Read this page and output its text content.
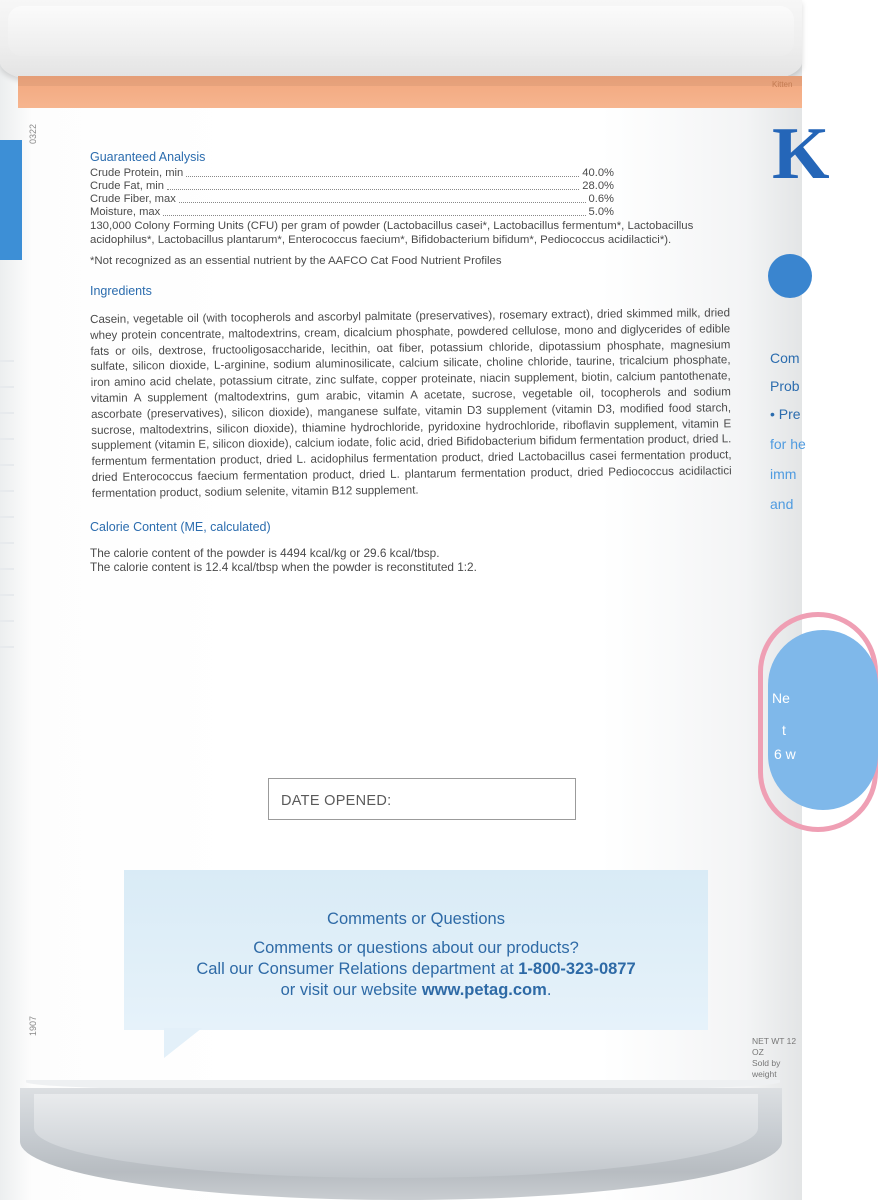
Kitten
0322
1907
Guaranteed Analysis
Crude Protein, min	40.0%
Crude Fat, min	28.0%
Crude Fiber, max	0.6%
Moisture, max	5.0%

130,000 Colony Forming Units (CFU) per gram of powder (Lactobacillus casei*, Lactobacillus fermentum*, Lactobacillus acidophilus*, Lactobacillus plantarum*, Enterococcus faecium*, Bifidobacterium bifidum*, Pediococcus acidilactici*).

*Not recognized as an essential nutrient by the AAFCO Cat Food Nutrient Profiles

Ingredients

Casein, vegetable oil (with tocopherols and ascorbyl palmitate (preservatives), rosemary extract), dried skimmed milk, dried whey protein concentrate, maltodextrins, cream, dicalcium phosphate, powdered cellulose, mono and diglycerides of edible fats or oils, dextrose, fructooligosaccharide, lecithin, oat fiber, potassium chloride, dipotassium phosphate, magnesium sulfate, silicon dioxide, L-arginine, sodium aluminosilicate, calcium silicate, choline chloride, taurine, tricalcium phosphate, iron amino acid chelate, potassium citrate, zinc sulfate, copper proteinate, niacin supplement, biotin, calcium pantothenate, vitamin A supplement (maltodextrins, gum arabic, vitamin A acetate, sucrose, vegetable oil, tocopherols and sodium ascorbate (preservatives), silicon dioxide), manganese sulfate, vitamin D3 supplement (vitamin D3, modified food starch, sucrose, maltodextrins, silicon dioxide), thiamine hydrochloride, pyridoxine hydrochloride, riboflavin supplement, vitamin E supplement (vitamin E, silicon dioxide), calcium iodate, folic acid, dried Bifidobacterium bifidum fermentation product, dried L. fermentum fermentation product, dried L. acidophilus fermentation product, dried Lactobacillus casei fermentation product, dried Enterococcus faecium fermentation product, dried L. plantarum fermentation product, dried Pediococcus acidilactici fermentation product, sodium selenite, vitamin B12 supplement.

Calorie Content (ME, calculated)

The calorie content of the powder is 4494 kcal/kg or 29.6 kcal/tbsp.

The calorie content is 12.4 kcal/tbsp when the powder is reconstituted 1:2.

DATE OPENED:
Comments or Questions
Comments or questions about our products?
Call our Consumer Relations department at 1-800-323-0877
or visit our website www.petag.com.
K
Com
Prob
• Pre
for he
imm
and
Ne
t
6 w
NET WT 12 OZ
Sold by weight
